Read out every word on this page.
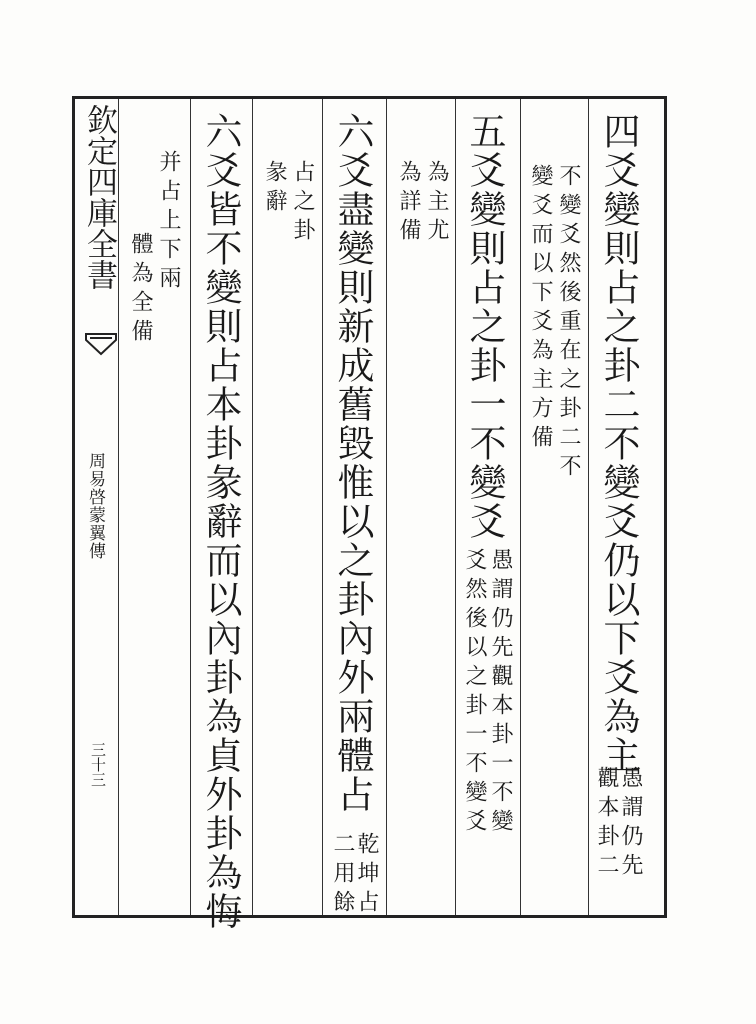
欽定四庫全書
周易啓蒙翼傳
三十三	四爻變則占之卦二不變爻仍以下爻為主
愚謂仍先
觀本卦二
不變爻然後重在之卦二不
變爻而以下爻為主方備
五爻變則占之卦一不變爻
愚謂仍先觀本卦一不變
爻然後以之卦一不變爻
為主尤
為詳備
六爻盡變則新成舊毀惟以之卦內外兩體占
乾坤占
二用餘
占之卦
彖辭
六爻皆不變則占本卦彖辭而以內卦為貞外卦為悔
并占上下兩
體為全備
